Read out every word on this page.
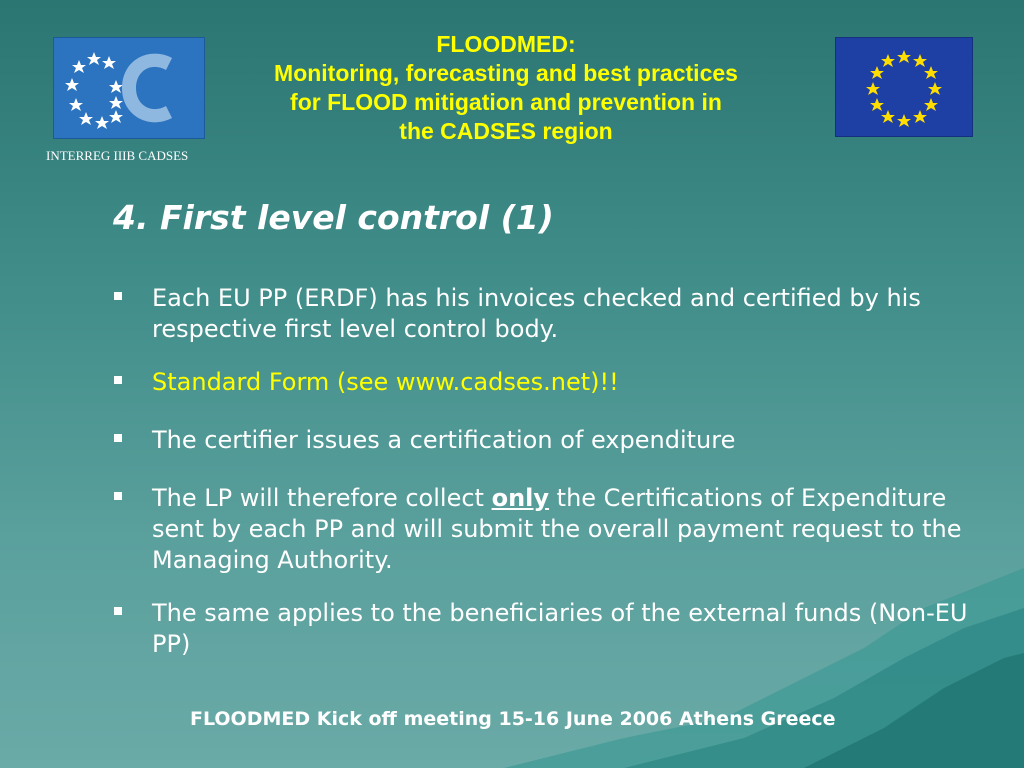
INTERREG IIIB CADSES
FLOODMED:
Monitoring, forecasting and best practices
for FLOOD mitigation and prevention in
the CADSES region
4. First level control (1)
Each EU PP (ERDF) has his invoices checked and certified by his respective first level control body.
Standard Form (see www.cadses.net)!!
The certifier issues a certification of expenditure
The LP will therefore collect only the Certifications of Expenditure sent by each PP and will submit the overall payment request to the Managing Authority.
The same applies to the beneficiaries of the external funds (Non-EU PP)
FLOODMED Kick off meeting 15-16 June 2006 Athens Greece
